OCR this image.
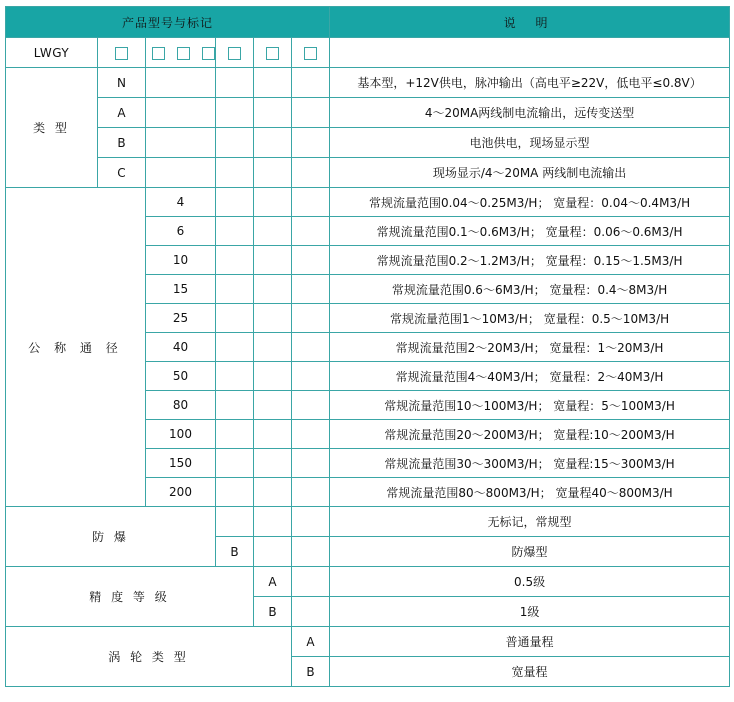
产品型号与标记						说 明
LWGY						
类 型	N					基本型，+12V供电，脉冲输出（高电平≥22V，低电平≤0.8V）
	A					4～20MA两线制电流输出，远传变送型
	B					电池供电，现场显示型
	C					现场显示/4～20MA 两线制电流输出
公 称 通 径		4				常规流量范围0.04～0.25M3/H； 宽量程：0.04～0.4M3/H
		6				常规流量范围0.1～0.6M3/H； 宽量程：0.06～0.6M3/H
		10				常规流量范围0.2～1.2M3/H； 宽量程：0.15～1.5M3/H
		15				常规流量范围0.6～6M3/H； 宽量程：0.4～8M3/H
		25				常规流量范围1～10M3/H； 宽量程：0.5～10M3/H
		40				常规流量范围2～20M3/H； 宽量程：1～20M3/H
		50				常规流量范围4～40M3/H； 宽量程：2～40M3/H
		80				常规流量范围10～100M3/H； 宽量程：5～100M3/H
		100				常规流量范围20～200M3/H； 宽量程:10～200M3/H
		150				常规流量范围30～300M3/H； 宽量程:15～300M3/H
		200				常规流量范围80～800M3/H； 宽量程40～800M3/H
防 爆						无标记，常规型
			B			防爆型
精 度 等 级				A		0.5级
				B		1级
涡 轮 类 型					A	普通量程
					B	宽量程
